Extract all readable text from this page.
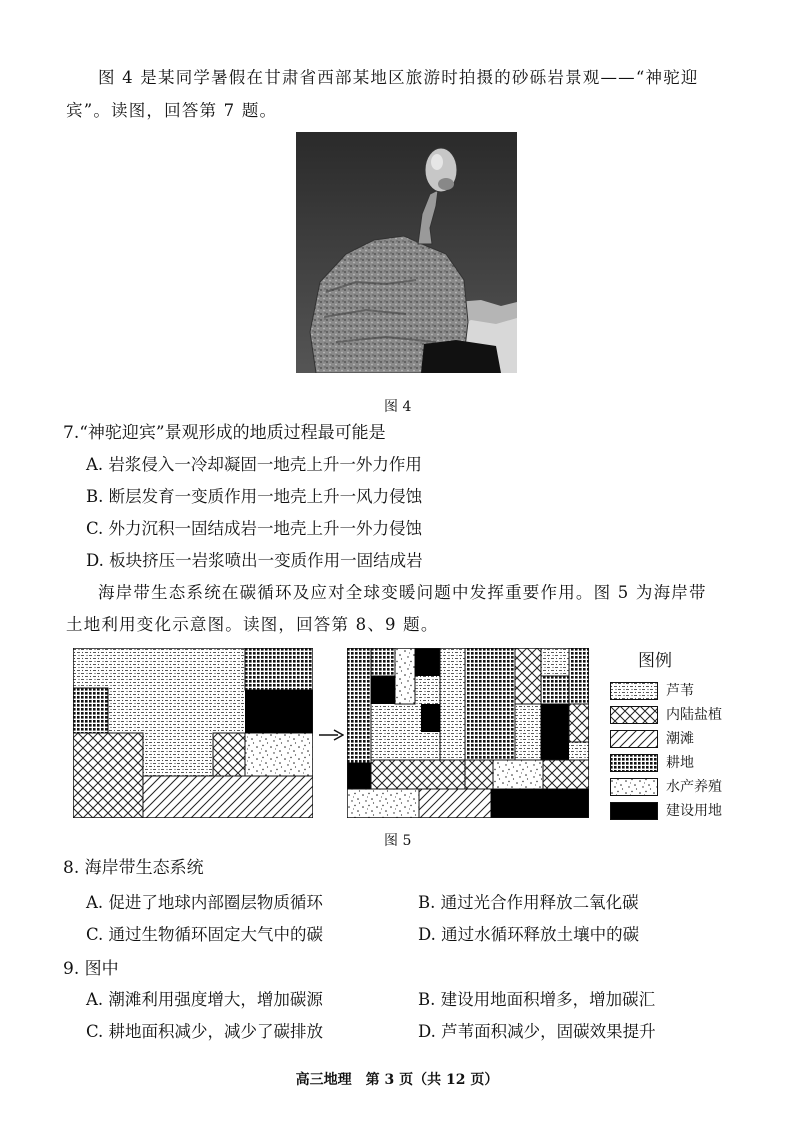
图 4 是某同学暑假在甘肃省西部某地区旅游时拍摄的砂砾岩景观——“神驼迎
宾”。读图，回答第 7 题。
图 4
7.“神驼迎宾”景观形成的地质过程最可能是
A. 岩浆侵入一冷却凝固一地壳上升一外力作用
B. 断层发育一变质作用一地壳上升一风力侵蚀
C. 外力沉积一固结成岩一地壳上升一外力侵蚀
D. 板块挤压一岩浆喷出一变质作用一固结成岩
海岸带生态系统在碳循环及应对全球变暖问题中发挥重要作用。图 5 为海岸带
土地利用变化示意图。读图，回答第 8、9 题。
图例
芦苇
内陆盐植
潮滩
耕地
水产养殖
建设用地
图 5
8. 海岸带生态系统
A. 促进了地球内部圈层物质循环	B. 通过光合作用释放二氧化碳
C. 通过生物循环固定大气中的碳	D. 通过水循环释放土壤中的碳
9. 图中
A. 潮滩利用强度增大，增加碳源	B. 建设用地面积增多，增加碳汇
C. 耕地面积减少，减少了碳排放	D. 芦苇面积减少，固碳效果提升
高三地理　第 3 页（共 12 页）
